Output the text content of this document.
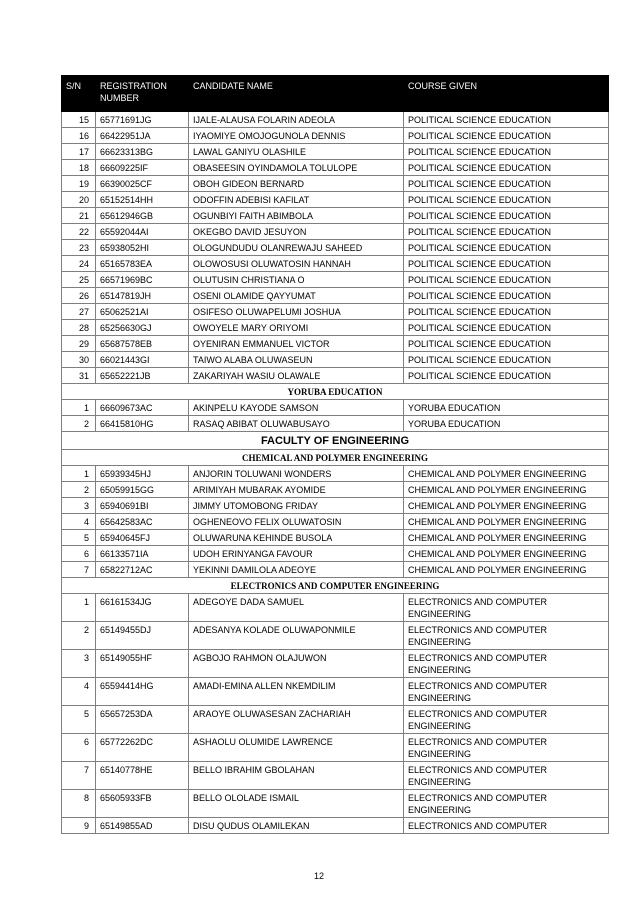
S/N	REGISTRATION NUMBER	CANDIDATE NAME	COURSE GIVEN
15	65771691JG	IJALE-ALAUSA FOLARIN ADEOLA	POLITICAL SCIENCE EDUCATION
16	66422951JA	IYAOMIYE OMOJOGUNOLA DENNIS	POLITICAL SCIENCE EDUCATION
17	66623313BG	LAWAL GANIYU OLASHILE	POLITICAL SCIENCE EDUCATION
18	66609225IF	OBASEESIN OYINDAMOLA TOLULOPE	POLITICAL SCIENCE EDUCATION
19	66390025CF	OBOH GIDEON BERNARD	POLITICAL SCIENCE EDUCATION
20	65152514HH	ODOFFIN ADEBISI KAFILAT	POLITICAL SCIENCE EDUCATION
21	65612946GB	OGUNBIYI FAITH ABIMBOLA	POLITICAL SCIENCE EDUCATION
22	65592044AI	OKEGBO DAVID JESUYON	POLITICAL SCIENCE EDUCATION
23	65938052HI	OLOGUNDUDU OLANREWAJU SAHEED	POLITICAL SCIENCE EDUCATION
24	65165783EA	OLOWOSUSI OLUWATOSIN HANNAH	POLITICAL SCIENCE EDUCATION
25	66571969BC	OLUTUSIN CHRISTIANA O	POLITICAL SCIENCE EDUCATION
26	65147819JH	OSENI OLAMIDE QAYYUMAT	POLITICAL SCIENCE EDUCATION
27	65062521AI	OSIFESO OLUWAPELUMI JOSHUA	POLITICAL SCIENCE EDUCATION
28	65256630GJ	OWOYELE MARY ORIYOMI	POLITICAL SCIENCE EDUCATION
29	65687578EB	OYENIRAN EMMANUEL VICTOR	POLITICAL SCIENCE EDUCATION
30	66021443GI	TAIWO ALABA OLUWASEUN	POLITICAL SCIENCE EDUCATION
31	65652221JB	ZAKARIYAH WASIU OLAWALE	POLITICAL SCIENCE EDUCATION
YORUBA EDUCATION			
1	66609673AC	AKINPELU KAYODE SAMSON	YORUBA EDUCATION
2	66415810HG	RASAQ ABIBAT OLUWABUSAYO	YORUBA EDUCATION
FACULTY OF ENGINEERING			
CHEMICAL AND POLYMER ENGINEERING			
1	65939345HJ	ANJORIN TOLUWANI WONDERS	CHEMICAL AND POLYMER ENGINEERING
2	65059915GG	ARIMIYAH MUBARAK AYOMIDE	CHEMICAL AND POLYMER ENGINEERING
3	65940691BI	JIMMY UTOMOBONG FRIDAY	CHEMICAL AND POLYMER ENGINEERING
4	65642583AC	OGHENEOVO FELIX OLUWATOSIN	CHEMICAL AND POLYMER ENGINEERING
5	65940645FJ	OLUWARUNA KEHINDE BUSOLA	CHEMICAL AND POLYMER ENGINEERING
6	66133571IA	UDOH ERINYANGA FAVOUR	CHEMICAL AND POLYMER ENGINEERING
7	65822712AC	YEKINNI DAMILOLA ADEOYE	CHEMICAL AND POLYMER ENGINEERING
ELECTRONICS AND COMPUTER ENGINEERING			
1	66161534JG	ADEGOYE DADA SAMUEL	ELECTRONICS AND COMPUTER ENGINEERING
2	65149455DJ	ADESANYA KOLADE OLUWAPONMILE	ELECTRONICS AND COMPUTER ENGINEERING
3	65149055HF	AGBOJO RAHMON OLAJUWON	ELECTRONICS AND COMPUTER ENGINEERING
4	65594414HG	AMADI-EMINA ALLEN NKEMDILIM	ELECTRONICS AND COMPUTER ENGINEERING
5	65657253DA	ARAOYE OLUWASESAN ZACHARIAH	ELECTRONICS AND COMPUTER ENGINEERING
6	65772262DC	ASHAOLU OLUMIDE LAWRENCE	ELECTRONICS AND COMPUTER ENGINEERING
7	65140778HE	BELLO IBRAHIM GBOLAHAN	ELECTRONICS AND COMPUTER ENGINEERING
8	65605933FB	BELLO OLOLADE ISMAIL	ELECTRONICS AND COMPUTER ENGINEERING
9	65149855AD	DISU QUDUS OLAMILEKAN	ELECTRONICS AND COMPUTER
12
